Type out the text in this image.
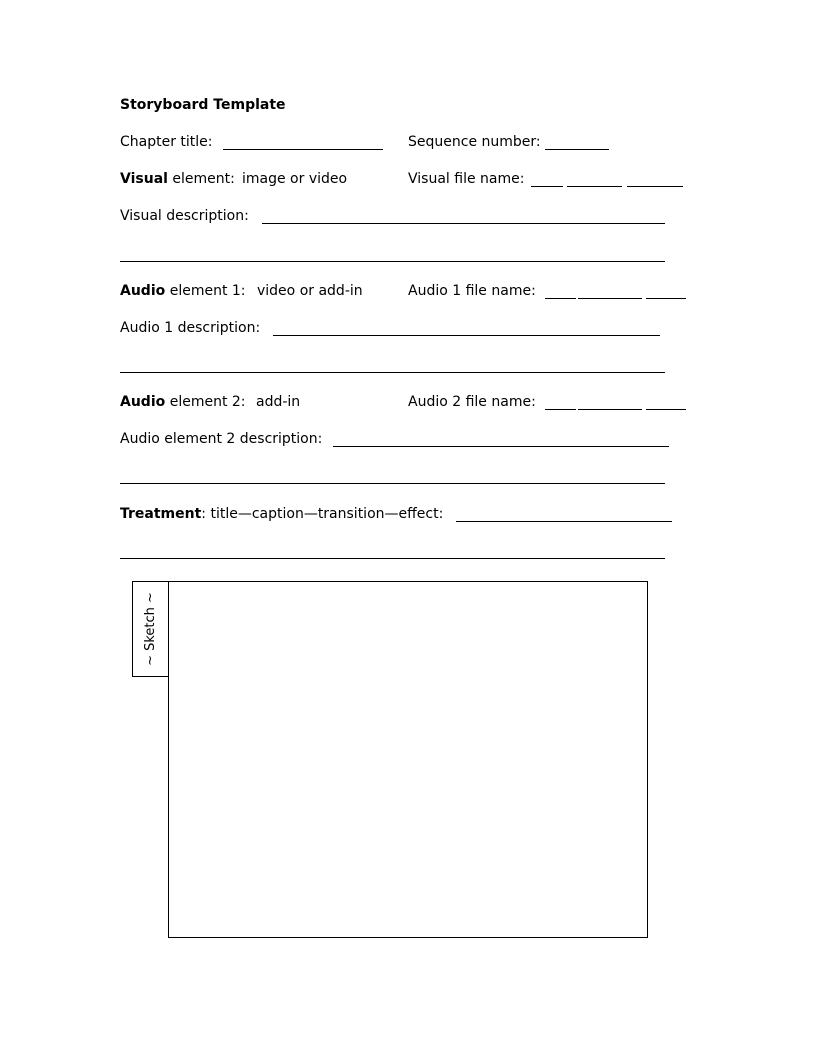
Storyboard Template
Chapter title:	Sequence number:
Visual element: image or video	Visual file name:
Visual description:
Audio element 1: video or add-in	Audio 1 file name:
Audio 1 description:
Audio element 2: add-in	Audio 2 file name:
Audio element 2 description:
Treatment: title—caption—transition—effect:
~ Sketch ~
